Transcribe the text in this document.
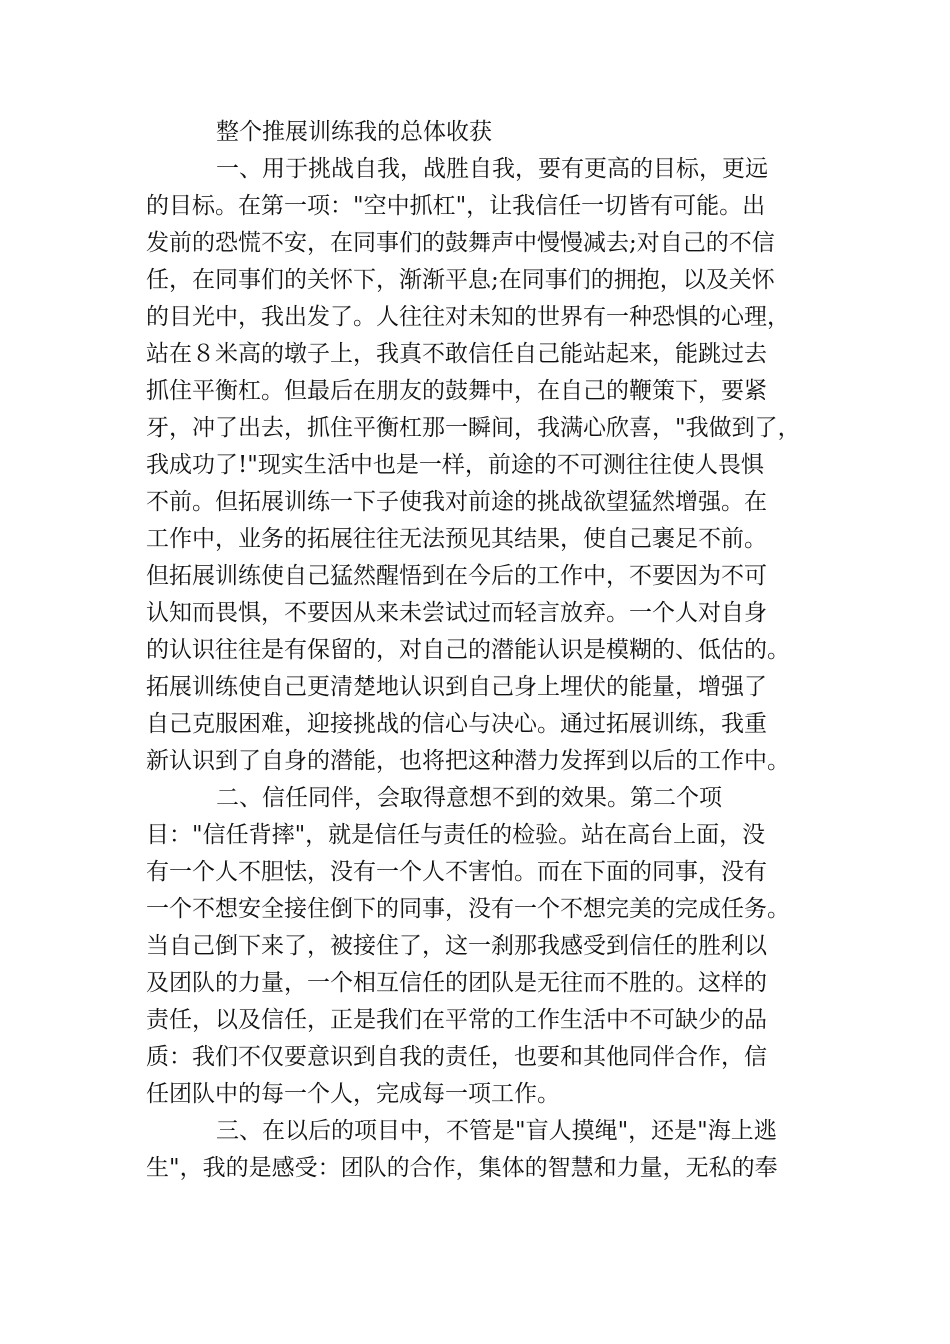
整个推展训练我的总体收获
一、用于挑战自我，战胜自我，要有更高的目标，更远
的目标。在第一项："空中抓杠"，让我信任一切皆有可能。出
发前的恐慌不安，在同事们的鼓舞声中慢慢减去;对自己的不信
任，在同事们的关怀下，渐渐平息;在同事们的拥抱，以及关怀
的目光中，我出发了。人往往对未知的世界有一种恐惧的心理，
站在８米高的墩子上，我真不敢信任自己能站起来，能跳过去
抓住平衡杠。但最后在朋友的鼓舞中，在自己的鞭策下，要紧
牙，冲了出去，抓住平衡杠那一瞬间，我满心欣喜，"我做到了，
我成功了!"现实生活中也是一样，前途的不可测往往使人畏惧
不前。但拓展训练一下子使我对前途的挑战欲望猛然增强。在
工作中，业务的拓展往往无法预见其结果，使自己裹足不前。
但拓展训练使自己猛然醒悟到在今后的工作中，不要因为不可
认知而畏惧，不要因从来未尝试过而轻言放弃。一个人对自身
的认识往往是有保留的，对自己的潜能认识是模糊的、低估的。
拓展训练使自己更清楚地认识到自己身上埋伏的能量，增强了
自己克服困难，迎接挑战的信心与决心。通过拓展训练，我重
新认识到了自身的潜能，也将把这种潜力发挥到以后的工作中。
二、信任同伴，会取得意想不到的效果。第二个项
目："信任背摔"，就是信任与责任的检验。站在高台上面，没
有一个人不胆怯，没有一个人不害怕。而在下面的同事，没有
一个不想安全接住倒下的同事，没有一个不想完美的完成任务。
当自己倒下来了，被接住了，这一刹那我感受到信任的胜利以
及团队的力量，一个相互信任的团队是无往而不胜的。这样的
责任，以及信任，正是我们在平常的工作生活中不可缺少的品
质：我们不仅要意识到自我的责任，也要和其他同伴合作，信
任团队中的每一个人，完成每一项工作。
三、在以后的项目中，不管是"盲人摸绳"，还是"海上逃
生"，我的是感受：团队的合作，集体的智慧和力量，无私的奉
